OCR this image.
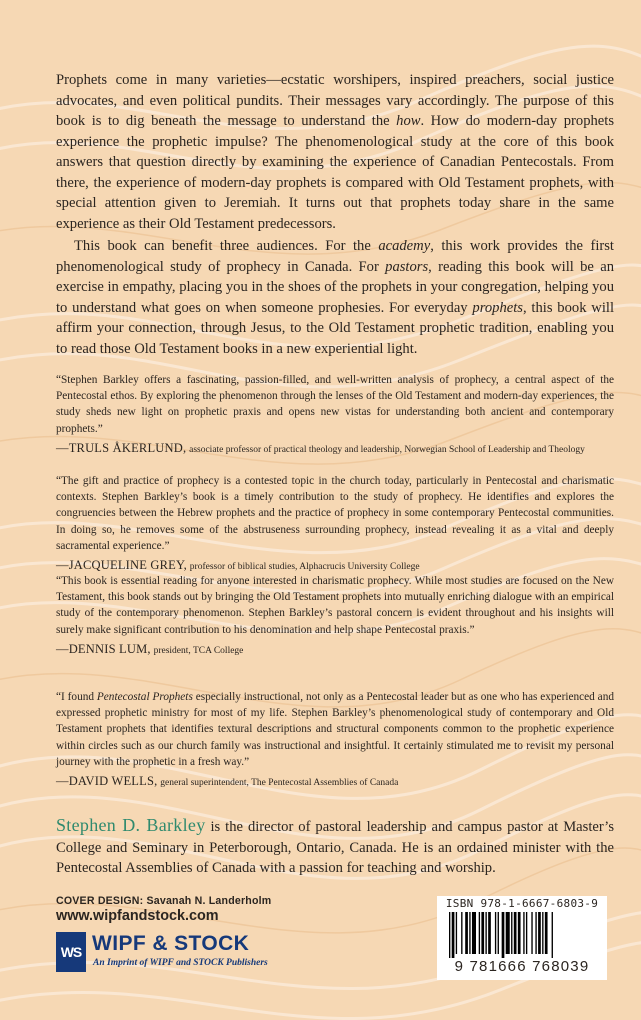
Prophets come in many varieties—ecstatic worshipers, inspired preachers, social justice advocates, and even political pundits. Their messages vary accordingly. The purpose of this book is to dig beneath the message to understand the how. How do modern-day prophets experience the prophetic impulse? The phenomenological study at the core of this book answers that question directly by examining the experience of Canadian Pentecostals. From there, the experience of modern-day prophets is compared with Old Testament prophets, with special attention given to Jeremiah. It turns out that prophets today share in the same experience as their Old Testament predecessors.

This book can benefit three audiences. For the academy, this work provides the first phenomenological study of prophecy in Canada. For pastors, reading this book will be an exercise in empathy, placing you in the shoes of the prophets in your congregation, helping you to understand what goes on when someone prophesies. For everyday prophets, this book will affirm your connection, through Jesus, to the Old Testament prophetic tradition, enabling you to read those Old Testament books in a new experiential light.

“Stephen Barkley offers a fascinating, passion-filled, and well-written analysis of prophecy, a central aspect of the Pentecostal ethos. By exploring the phenomenon through the lenses of the Old Testament and modern-day experiences, the study sheds new light on prophetic praxis and opens new vistas for understanding both ancient and contemporary prophets.”

—TRULS ÅKERLUND, associate professor of practical theology and leadership, Norwegian School of Leadership and Theology

“The gift and practice of prophecy is a contested topic in the church today, particularly in Pentecostal and charismatic contexts. Stephen Barkley’s book is a timely contribution to the study of prophecy. He identifies and explores the congruencies between the Hebrew prophets and the practice of prophecy in some contemporary Pentecostal communities. In doing so, he removes some of the abstruseness surrounding prophecy, instead revealing it as a vital and deeply sacramental experience.”

—JACQUELINE GREY, professor of biblical studies, Alphacrucis University College

“This book is essential reading for anyone interested in charismatic prophecy. While most studies are focused on the New Testament, this book stands out by bringing the Old Testament prophets into mutually enriching dialogue with an empirical study of the contemporary phenomenon. Stephen Barkley’s pastoral concern is evident throughout and his insights will surely make significant contribution to his denomination and help shape Pentecostal praxis.”

—DENNIS LUM, president, TCA College

“I found Pentecostal Prophets especially instructional, not only as a Pentecostal leader but as one who has experienced and expressed prophetic ministry for most of my life. Stephen Barkley’s phenomenological study of contemporary and Old Testament prophets that identifies textural descriptions and structural components common to the prophetic experience within circles such as our church family was instructional and insightful. It certainly stimulated me to revisit my personal journey with the prophetic in a fresh way.”

—DAVID WELLS, general superintendent, The Pentecostal Assemblies of Canada
Stephen D. Barkley is the director of pastoral leadership and campus pastor at Master’s College and Seminary in Peterborough, Ontario, Canada. He is an ordained minister with the Pentecostal Assemblies of Canada with a passion for teaching and worship.
COVER DESIGN: Savanah N. Landerholm
www.wipfandstock.com
WS WIPF & STOCK
An Imprint of WIPF and STOCK Publishers
ISBN 978-1-6667-6803-9
9 781666 768039
